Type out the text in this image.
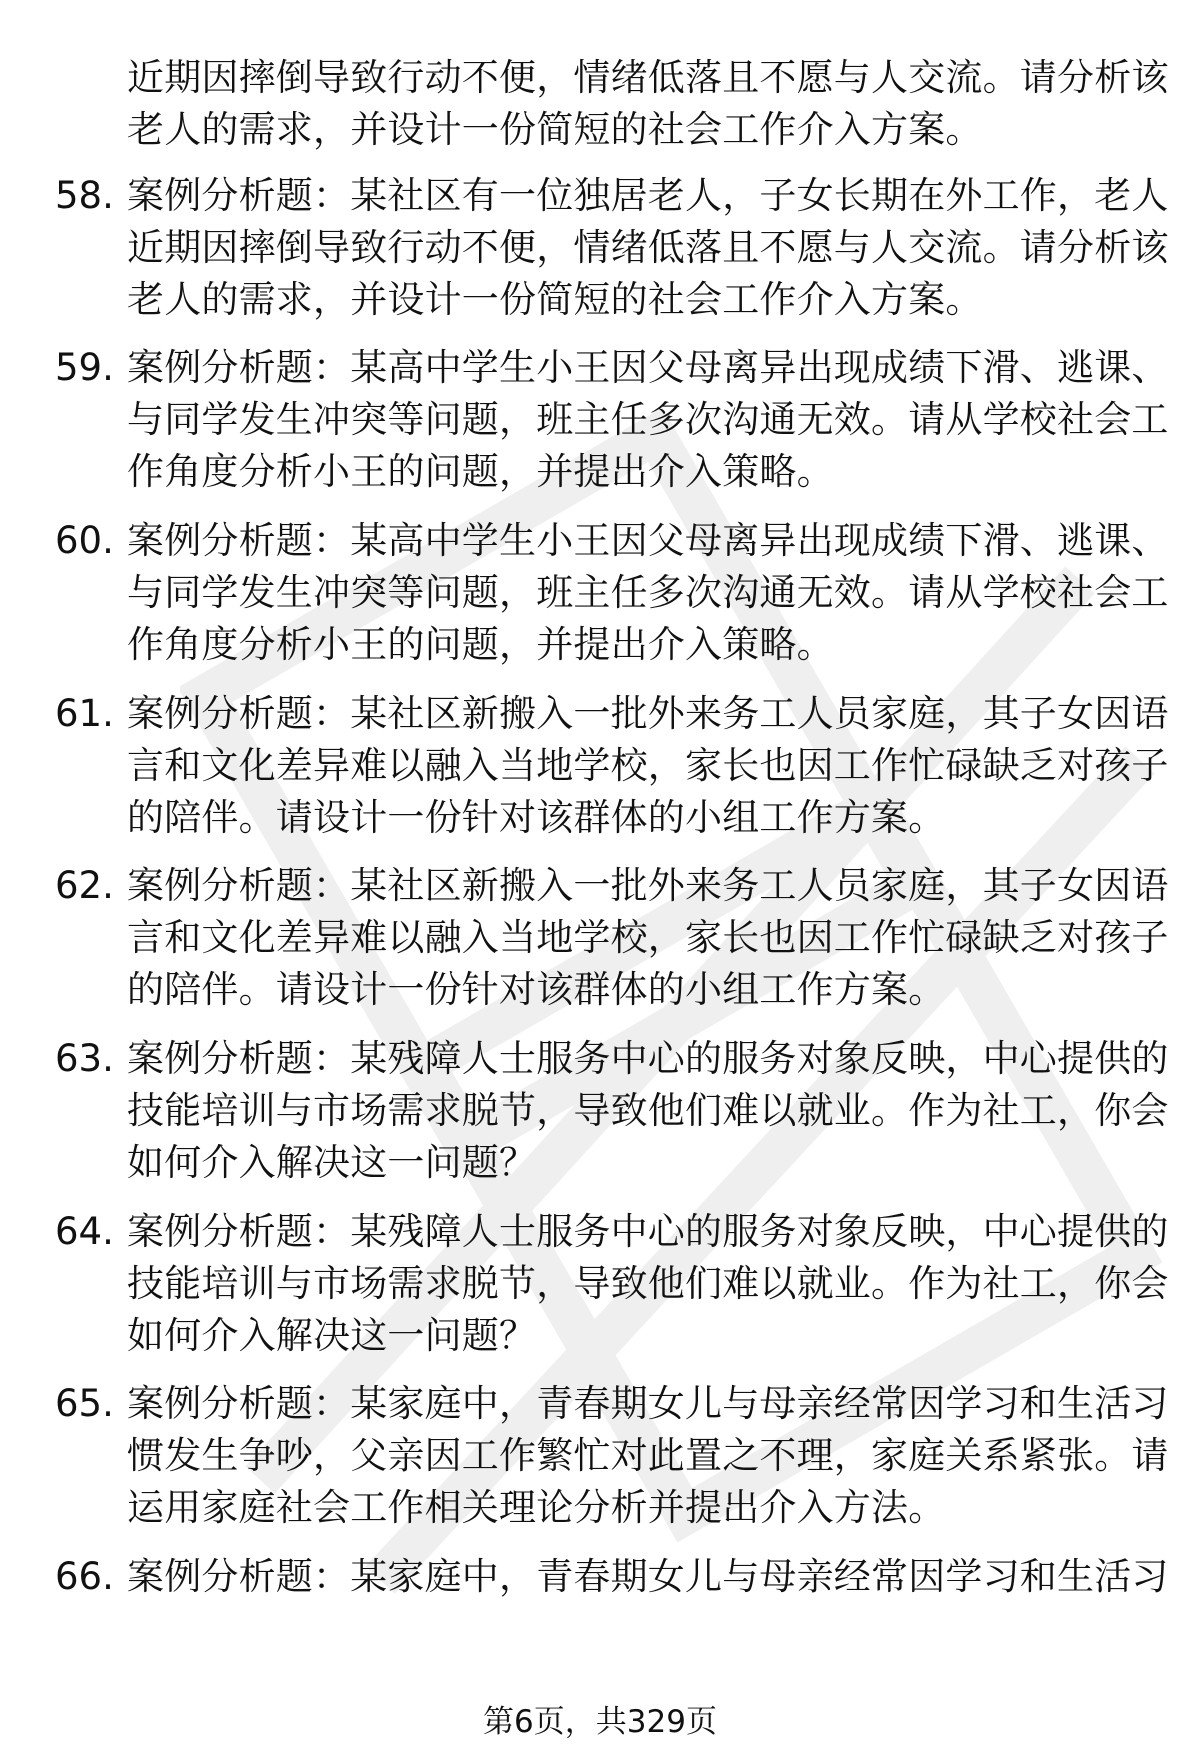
近期因摔倒导致行动不便，情绪低落且不愿与人交流。请分析该
老人的需求，并设计一份简短的社会工作介入方案。
58. 案例分析题：某社区有一位独居老人，子女长期在外工作，老人
近期因摔倒导致行动不便，情绪低落且不愿与人交流。请分析该
老人的需求，并设计一份简短的社会工作介入方案。
59. 案例分析题：某高中学生小王因父母离异出现成绩下滑、逃课、
与同学发生冲突等问题，班主任多次沟通无效。请从学校社会工
作角度分析小王的问题，并提出介入策略。
60. 案例分析题：某高中学生小王因父母离异出现成绩下滑、逃课、
与同学发生冲突等问题，班主任多次沟通无效。请从学校社会工
作角度分析小王的问题，并提出介入策略。
61. 案例分析题：某社区新搬入一批外来务工人员家庭，其子女因语
言和文化差异难以融入当地学校，家长也因工作忙碌缺乏对孩子
的陪伴。请设计一份针对该群体的小组工作方案。
62. 案例分析题：某社区新搬入一批外来务工人员家庭，其子女因语
言和文化差异难以融入当地学校，家长也因工作忙碌缺乏对孩子
的陪伴。请设计一份针对该群体的小组工作方案。
63. 案例分析题：某残障人士服务中心的服务对象反映，中心提供的
技能培训与市场需求脱节，导致他们难以就业。作为社工，你会
如何介入解决这一问题？
64. 案例分析题：某残障人士服务中心的服务对象反映，中心提供的
技能培训与市场需求脱节，导致他们难以就业。作为社工，你会
如何介入解决这一问题？
65. 案例分析题：某家庭中，青春期女儿与母亲经常因学习和生活习
惯发生争吵，父亲因工作繁忙对此置之不理，家庭关系紧张。请
运用家庭社会工作相关理论分析并提出介入方法。
66. 案例分析题：某家庭中，青春期女儿与母亲经常因学习和生活习
第6页，共329页
